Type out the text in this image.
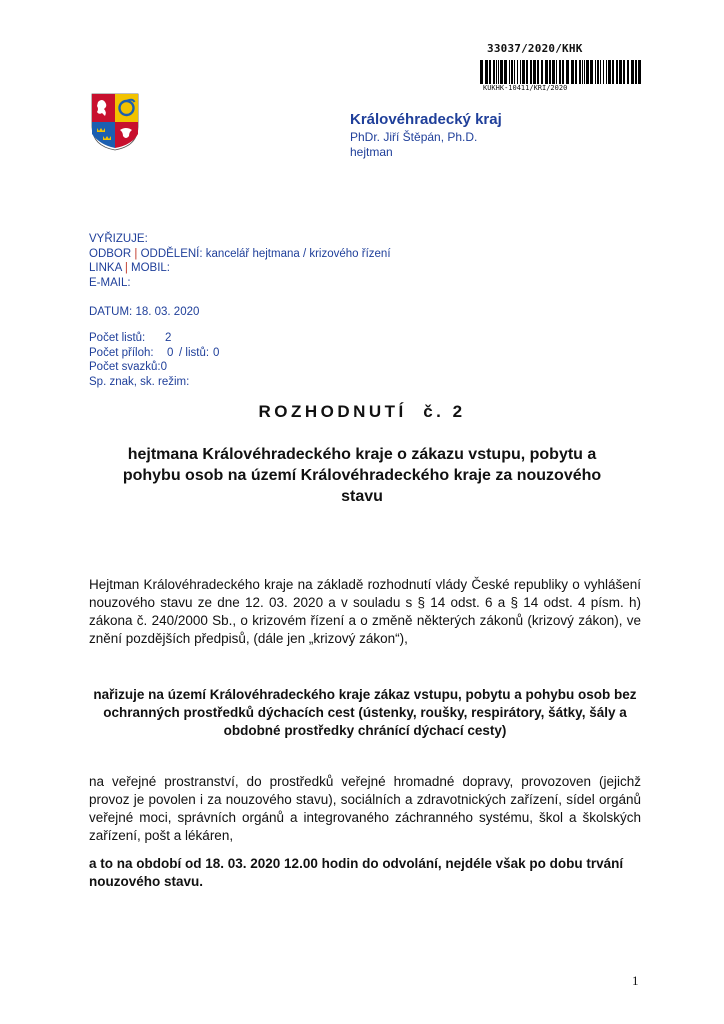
33037/2020/KHK
KUKHK-10411/KRI/2020
Královéhradecký kraj
PhDr. Jiří Štěpán, Ph.D.
hejtman
VYŘIZUJE:
ODBOR | ODDĚLENÍ: kancelář hejtmana / krizového řízení
LINKA | MOBIL:
E-MAIL:
DATUM: 18. 03. 2020
Počet listů:	2
Počet příloh:	0 / listů: 0
Počet svazků: 0
Sp. znak, sk. režim:
ROZHODNUTÍ  č. 2
hejtmana Královéhradeckého kraje o zákazu vstupu, pobytu a pohybu osob na území Královéhradeckého kraje za nouzového stavu
Hejtman Královéhradeckého kraje na základě rozhodnutí vlády České republiky o vyhlášení nouzového stavu ze dne 12. 03. 2020 a v souladu s § 14 odst. 6 a § 14 odst. 4 písm. h) zákona č. 240/2000 Sb., o krizovém řízení a o změně některých zákonů (krizový zákon), ve znění pozdějších předpisů, (dále jen „krizový zákon“),
nařizuje na území Královéhradeckého kraje zákaz vstupu, pobytu a pohybu osob bez ochranných prostředků dýchacích cest (ústenky, roušky, respirátory, šátky, šály a obdobné prostředky chránící dýchací cesty)
na veřejné prostranství, do prostředků veřejné hromadné dopravy, provozoven (jejichž provoz je povolen i za nouzového stavu), sociálních a zdravotnických zařízení, sídel orgánů veřejné moci, správních orgánů a integrovaného záchranného systému, škol a školských zařízení, pošt a lékáren,
a to na období od 18. 03. 2020 12.00 hodin do odvolání, nejdéle však po dobu trvání nouzového stavu.
1
